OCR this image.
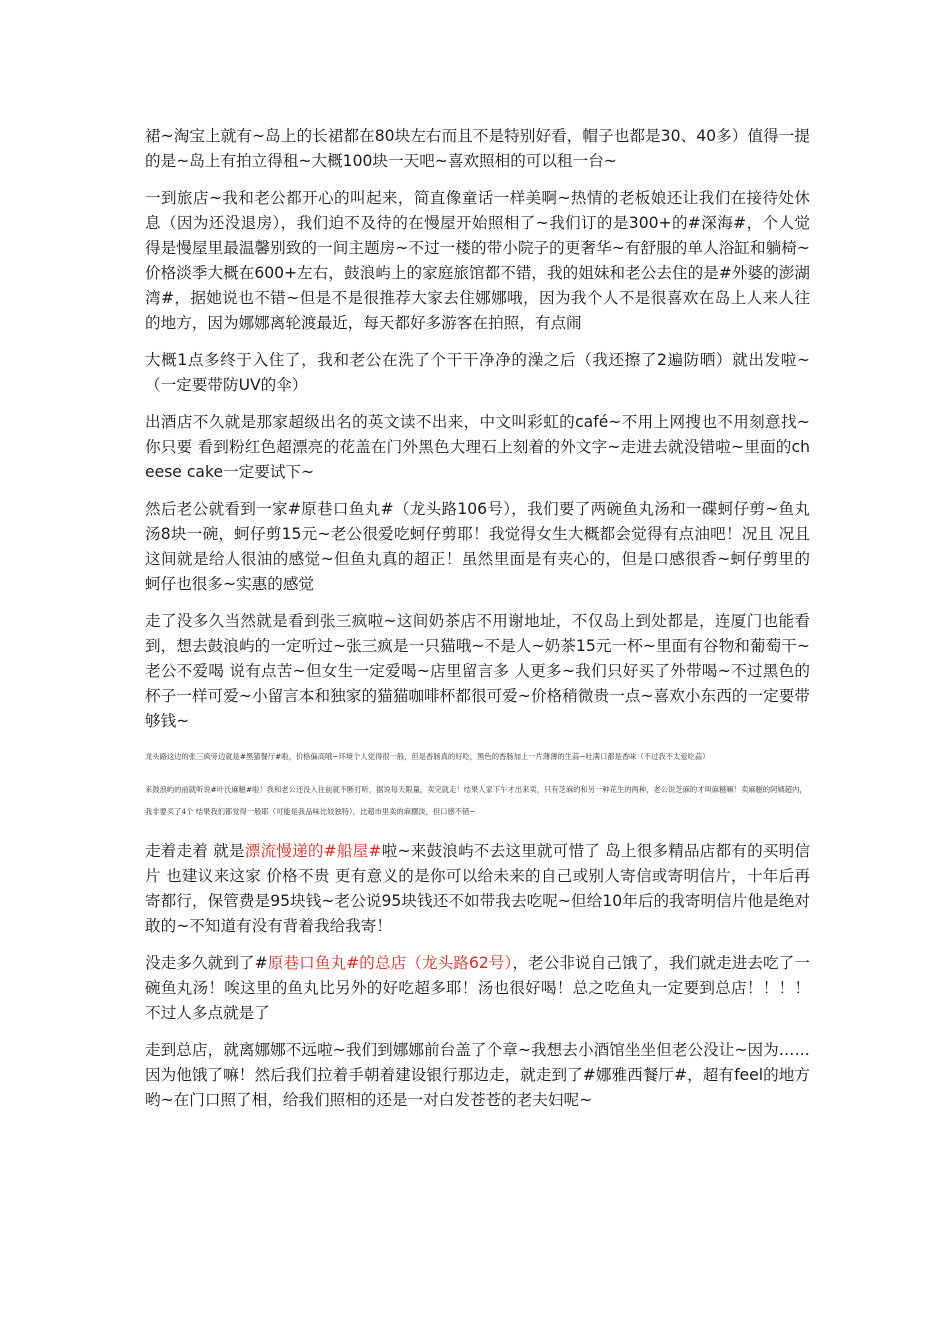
裙~淘宝上就有~岛上的长裙都在80块左右而且不是特别好看，帽子也都是30、40多）值得一提的是~岛上有拍立得租~大概100块一天吧~喜欢照相的可以租一台~

一到旅店~我和老公都开心的叫起来，简直像童话一样美啊~热情的老板娘还让我们在接待处休息（因为还没退房），我们迫不及待的在慢屋开始照相了~我们订的是300+的#深海#，个人觉得是慢屋里最温馨别致的一间主题房~不过一楼的带小院子的更奢华~有舒服的单人浴缸和躺椅~价格淡季大概在600+左右，鼓浪屿上的家庭旅馆都不错，我的姐妹和老公去住的是#外婆的澎湖湾#，据她说也不错~但是不是很推荐大家去住娜娜哦，因为我个人不是很喜欢在岛上人来人往的地方，因为娜娜离轮渡最近，每天都好多游客在拍照，有点闹

大概1点多终于入住了，我和老公在洗了个干干净净的澡之后（我还擦了2遍防晒）就出发啦~（一定要带防UV的伞）

出酒店不久就是那家超级出名的英文读不出来，中文叫彩虹的café~不用上网搜也不用刻意找~你只要 看到粉红色超漂亮的花盖在门外黑色大理石上刻着的外文字~走进去就没错啦~里面的cheese cake一定要试下~

然后老公就看到一家#原巷口鱼丸#（龙头路106号），我们要了两碗鱼丸汤和一碟蚵仔剪~鱼丸汤8块一碗，蚵仔剪15元~老公很爱吃蚵仔剪耶！我觉得女生大概都会觉得有点油吧！况且 况且这间就是给人很油的感觉~但鱼丸真的超正！虽然里面是有夹心的，但是口感很香~蚵仔剪里的蚵仔也很多~实惠的感觉

走了没多久当然就是看到张三疯啦~这间奶茶店不用谢地址，不仅岛上到处都是，连厦门也能看到，想去鼓浪屿的一定听过~张三疯是一只猫哦~不是人~奶茶15元一杯~里面有谷物和葡萄干~老公不爱喝 说有点苦~但女生一定爱喝~店里留言多 人更多~我们只好买了外带喝~不过黑色的杯子一样可爱~小留言本和独家的猫猫咖啡杯都很可爱~价格稍微贵一点~喜欢小东西的一定要带够钱~

龙头路这边的张三疯旁边就是#黑猫餐厅#啦，价格偏高哦~环境个人觉得很一般，但是香肠真的好吃，黑色的香肠加上一片薄薄的生蒜~吐满口都是香味（不过我不太爱吃蒜）

来鼓浪屿的前就听说#叶氏麻糍#啦！我和老公还没入住前就不断打听，据说每天限量，卖完就走！结果人家下午才出来卖，只有芝麻的和另一种花生的两种，老公说芝麻的才叫麻糍嘛！卖麻糍的阿姨超内，我非要买了4个 结果我们都觉得一般耶（可能是我品味比较独特），比超市里卖的麻糬淡，但口感不错~

走着走着 就是漂流慢递的#船屋#啦~来鼓浪屿不去这里就可惜了 岛上很多精品店都有的买明信片 也建议来这家 价格不贵 更有意义的是你可以给未来的自己或别人寄信或寄明信片，十年后再寄都行，保管费是95块钱~老公说95块钱还不如带我去吃呢~但给10年后的我寄明信片他是绝对敢的~不知道有没有背着我给我寄！

没走多久就到了#原巷口鱼丸#的总店（龙头路62号），老公非说自己饿了，我们就走进去吃了一碗鱼丸汤！唉这里的鱼丸比另外的好吃超多耶！汤也很好喝！总之吃鱼丸一定要到总店！！！！不过人多点就是了

走到总店，就离娜娜不远啦~我们到娜娜前台盖了个章~我想去小酒馆坐坐但老公没让~因为……因为他饿了嘛！然后我们拉着手朝着建设银行那边走，就走到了#娜雅西餐厅#，超有feel的地方哟~在门口照了相，给我们照相的还是一对白发苍苍的老夫妇呢~
